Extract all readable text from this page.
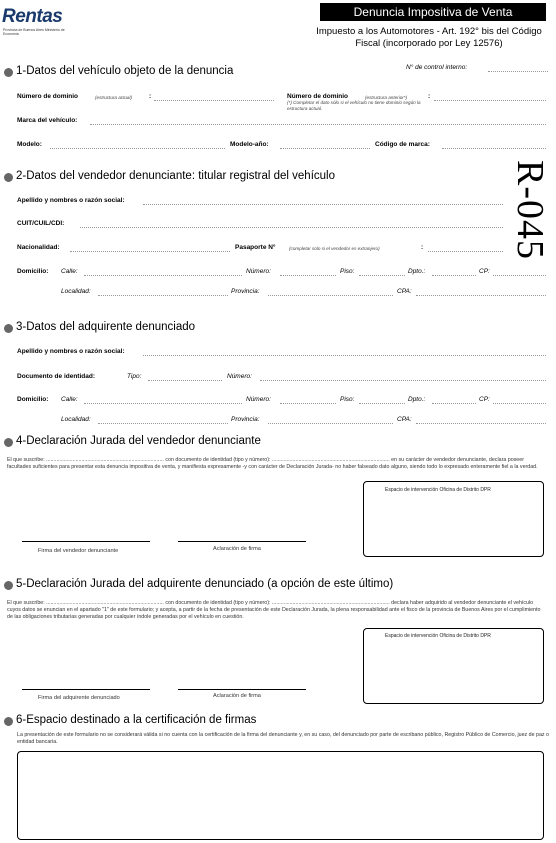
Rentas
Provincia de Buenos Aires Ministerio de Economía
Denuncia Impositiva de Venta
Impuesto a los Automotores - Art. 192° bis del Código Fiscal (incorporado por Ley 12576)
N° de control interno:
R-045
1-Datos del vehículo objeto de la denuncia
Número de dominio	(estructura actual)	:	Número de dominio	(estructura anterior*)	:
(*) Completar el dato sólo si el vehículo no tiene dominio según la estructura actual.
Marca del vehículo:
Modelo:	Modelo-año:	Código de marca:
2-Datos del vendedor denunciante: titular registral del vehículo
Apellido y nombres o razón social:
CUIT/CUIL/CDI:
Nacionalidad:	Pasaporte N°	(completar solo si el vendedor es extranjero)	:
Domicilio: Calle:	Número:	Piso:	Dpto.:	CP:
Localidad:	Provincia:	CPA:
3-Datos del adquirente denunciado
Apellido y nombres o razón social:
Documento de identidad:	Tipo:	Número:
Domicilio: Calle:	Número:	Piso:	Dpto.:	CP:
Localidad:	Provincia:	CPA:
4-Declaración Jurada del vendedor denunciante
El que suscribe: ................................................................................ con documento de identidad (tipo y número): ................................................................................ en su carácter de vendedor denunciante, declara poseer facultades suficientes para presentar esta denuncia impositiva de venta, y manifiesta expresamente -y con carácter de Declaración Jurada- no haber falseado dato alguno, siendo todo lo expresado enteramente fiel a la verdad.
Espacio de intervención Oficina de Distrito DPR
Firma del vendedor denunciante	Aclaración de firma
5-Declaración Jurada del adquirente denunciado (a opción de este último)
El que suscribe: ................................................................................ con documento de identidad (tipo y número): ................................................................................ declara haber adquirido al vendedor denunciante el vehículo cuyos datos se enuncian en el apartado "1" de este formulario; y acepta, a partir de la fecha de presentación de este Declaración Jurada, la plena responsabilidad ante el fisco de la provincia de Buenos Aires por el cumplimiento de las obligaciones tributarias generadas por cualquier índole generadas por el vehículo en cuestión.
Espacio de intervención Oficina de Distrito DPR
Firma del adquirente denunciado	Aclaración de firma
6-Espacio destinado a la certificación de firmas
La presentación de este formulario no se considerará válida si no cuenta con la certificación de la firma del denunciante y, en su caso, del denunciado por parte de escribano público, Registro Público de Comercio, juez de paz o entidad bancaria.
